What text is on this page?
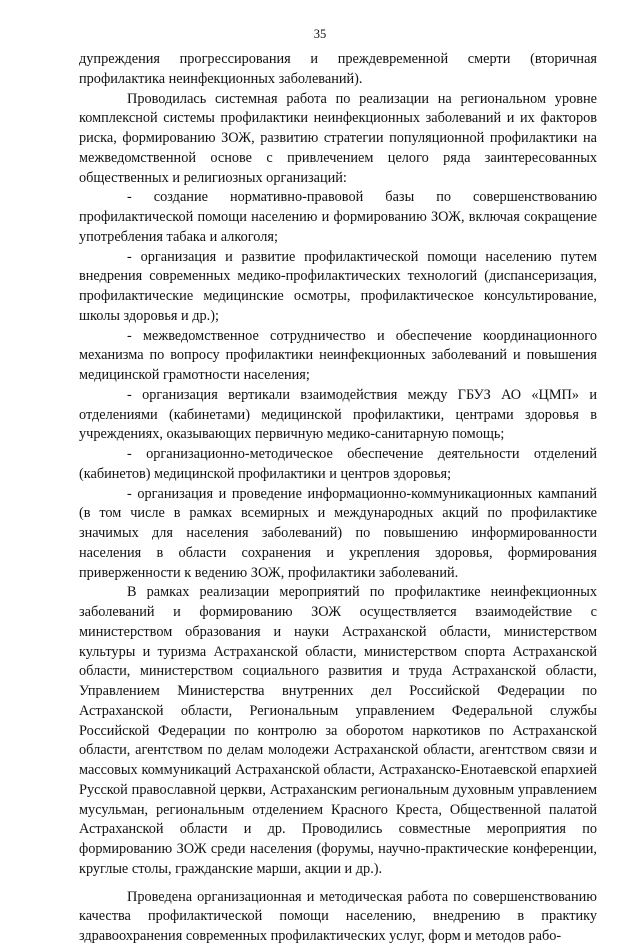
35

дупреждения прогрессирования и преждевременной смерти (вторичная профилактика неинфекционных заболеваний).

Проводилась системная работа по реализации на региональном уровне комплексной системы профилактики неинфекционных заболеваний и их факторов риска, формированию ЗОЖ, развитию стратегии популяционной профилактики на межведомственной основе с привлечением целого ряда заинтересованных общественных и религиозных организаций:

- создание нормативно-правовой базы по совершенствованию профилактической помощи населению и формированию ЗОЖ, включая сокращение употребления табака и алкоголя;

- организация и развитие профилактической помощи населению путем внедрения современных медико-профилактических технологий (диспансеризация, профилактические медицинские осмотры, профилактическое консультирование, школы здоровья и др.);

- межведомственное сотрудничество и обеспечение координационного механизма по вопросу профилактики неинфекционных заболеваний и повышения медицинской грамотности населения;

- организация вертикали взаимодействия между ГБУЗ АО «ЦМП» и отделениями (кабинетами) медицинской профилактики, центрами здоровья в учреждениях, оказывающих первичную медико-санитарную помощь;

- организационно-методическое обеспечение деятельности отделений (кабинетов) медицинской профилактики и центров здоровья;

- организация и проведение информационно-коммуникационных кампаний (в том числе в рамках всемирных и международных акций по профилактике значимых для населения заболеваний) по повышению информированности населения в области сохранения и укрепления здоровья, формирования приверженности к ведению ЗОЖ, профилактики заболеваний.

В рамках реализации мероприятий по профилактике неинфекционных заболеваний и формированию ЗОЖ осуществляется взаимодействие с министерством образования и науки Астраханской области, министерством культуры и туризма Астраханской области, министерством спорта Астраханской области, министерством социального развития и труда Астраханской области, Управлением Министерства внутренних дел Российской Федерации по Астраханской области, Региональным управлением Федеральной службы Российской Федерации по контролю за оборотом наркотиков по Астраханской области, агентством по делам молодежи Астраханской области, агентством связи и массовых коммуникаций Астраханской области, Астраханско-Енотаевской епархией Русской православной церкви, Астраханским региональным духовным управлением мусульман, региональным отделением Красного Креста, Общественной палатой Астраханской области и др. Проводились совместные мероприятия по формированию ЗОЖ среди населения (форумы, научно-практические конференции, круглые столы, гражданские марши, акции и др.).

Проведена организационная и методическая работа по совершенствованию качества профилактической помощи населению, внедрению в практику здравоохранения современных профилактических услуг, форм и методов рабо-
